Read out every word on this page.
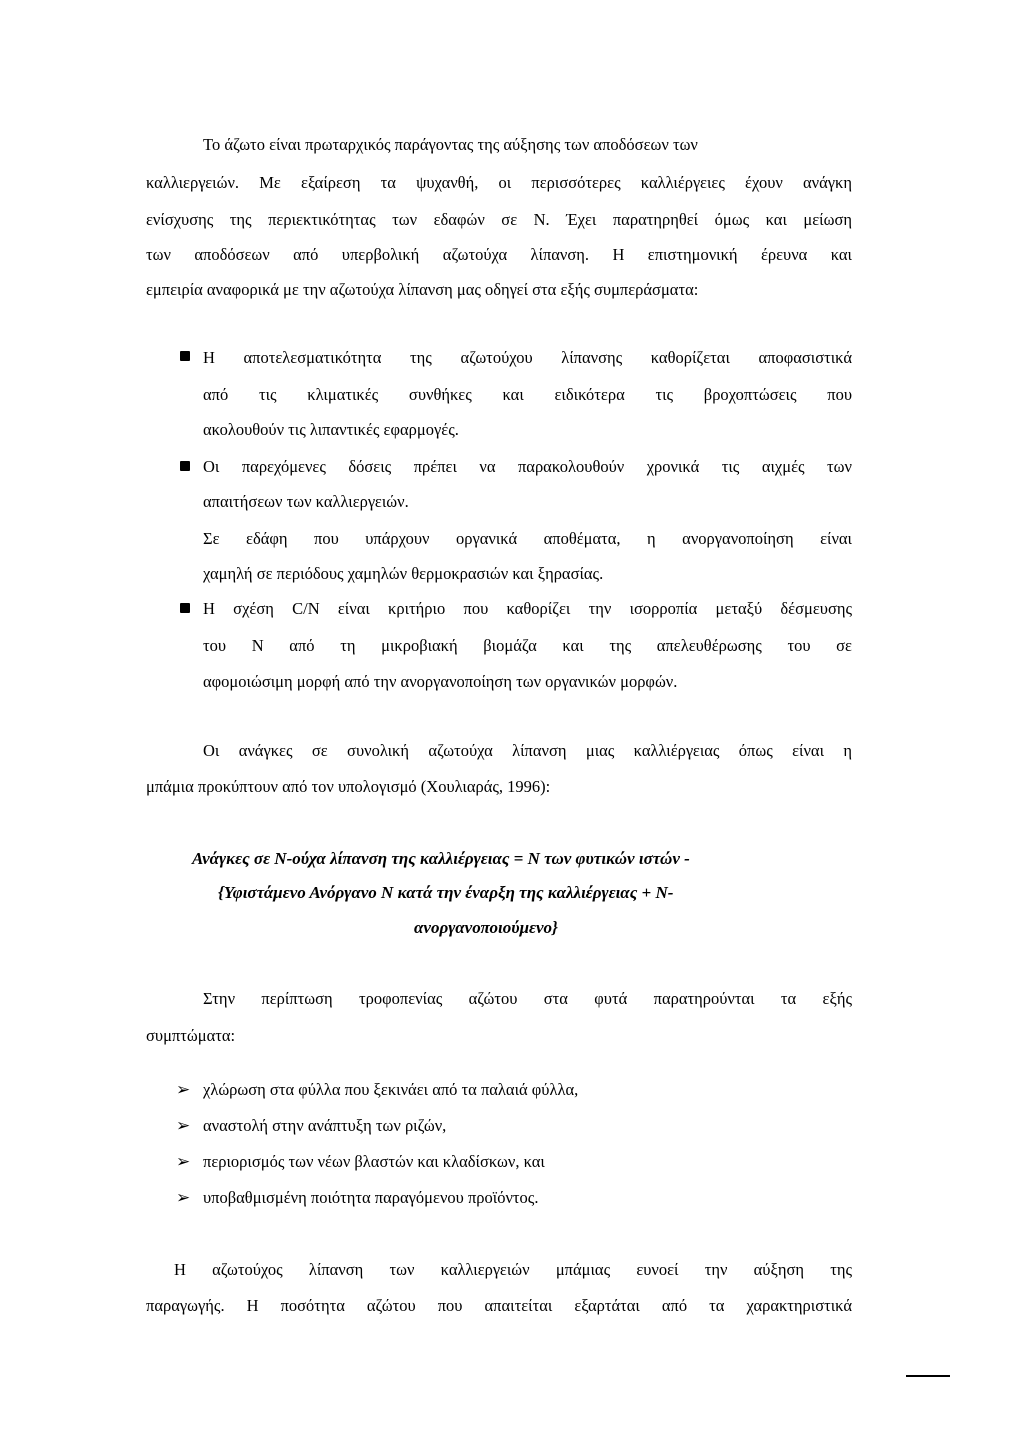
Το άζωτο είναι πρωταρχικός παράγοντας της αύξησης των αποδόσεων των
καλλιεργειών. Με εξαίρεση τα ψυχανθή, οι περισσότερες καλλιέργειες έχουν ανάγκη
ενίσχυσης της περιεκτικότητας των εδαφών σε Ν. Έχει παρατηρηθεί όμως και μείωση
των αποδόσεων από υπερβολική αζωτούχα λίπανση. Η επιστημονική έρευνα και
εμπειρία αναφορικά με την αζωτούχα λίπανση μας οδηγεί στα εξής συμπεράσματα:
Η αποτελεσματικότητα της αζωτούχου λίπανσης καθορίζεται αποφασιστικά
από τις κλιματικές συνθήκες και ειδικότερα τις βροχοπτώσεις που
ακολουθούν τις λιπαντικές εφαρμογές.
Οι παρεχόμενες δόσεις πρέπει να παρακολουθούν χρονικά τις αιχμές των
απαιτήσεων των καλλιεργειών.
Σε εδάφη που υπάρχουν οργανικά αποθέματα, η ανοργανοποίηση είναι
χαμηλή σε περιόδους χαμηλών θερμοκρασιών και ξηρασίας.
Η σχέση C/N είναι κριτήριο που καθορίζει την ισορροπία μεταξύ δέσμευσης
του Ν από τη μικροβιακή βιομάζα και της απελευθέρωσης του σε
αφομοιώσιμη μορφή από την ανοργανοποίηση των οργανικών μορφών.
Οι ανάγκες σε συνολική αζωτούχα λίπανση μιας καλλιέργειας όπως είναι η
μπάμια προκύπτουν από τον υπολογισμό (Χουλιαράς, 1996):
Ανάγκες σε Ν-ούχα λίπανση της καλλιέργειας = Ν των φυτικών ιστών -
{Υφιστάμενο Ανόργανο Ν κατά την έναρξη της καλλιέργειας + Ν-
ανοργανοποιούμενο}
Στην περίπτωση τροφοπενίας αζώτου στα φυτά παρατηρούνται τα εξής
συμπτώματα:
➢ χλώρωση στα φύλλα που ξεκινάει από τα παλαιά φύλλα,
➢ αναστολή στην ανάπτυξη των ριζών,
➢ περιορισμός των νέων βλαστών και κλαδίσκων, και
➢ υποβαθμισμένη ποιότητα παραγόμενου προϊόντος.
Η αζωτούχος λίπανση των καλλιεργειών μπάμιας ευνοεί την αύξηση της
παραγωγής. Η ποσότητα αζώτου που απαιτείται εξαρτάται από τα χαρακτηριστικά
